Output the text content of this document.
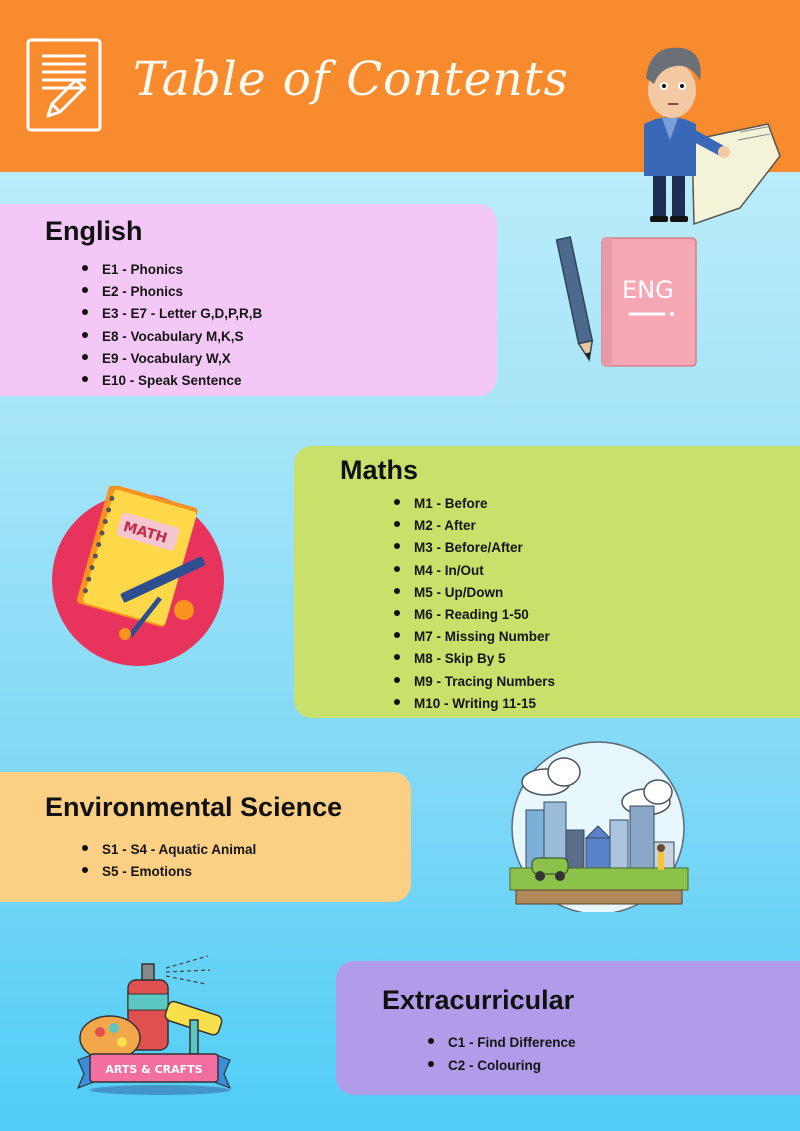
Table of Contents
English
E1 - Phonics
E2 - Phonics
E3 - E7 - Letter G,D,P,R,B
E8 - Vocabulary M,K,S
E9 - Vocabulary W,X
E10 - Speak Sentence
ENG
Maths
M1 - Before
M2 - After
M3 - Before/After
M4 - In/Out
M5 - Up/Down
M6 - Reading 1-50
M7 - Missing Number
M8 - Skip By 5
M9 - Tracing Numbers
M10 - Writing 11-15
MATH
Environmental Science
S1 - S4 - Aquatic Animal
S5 - Emotions
Extracurricular
C1 - Find Difference
C2 - Colouring
ARTS & CRAFTS
